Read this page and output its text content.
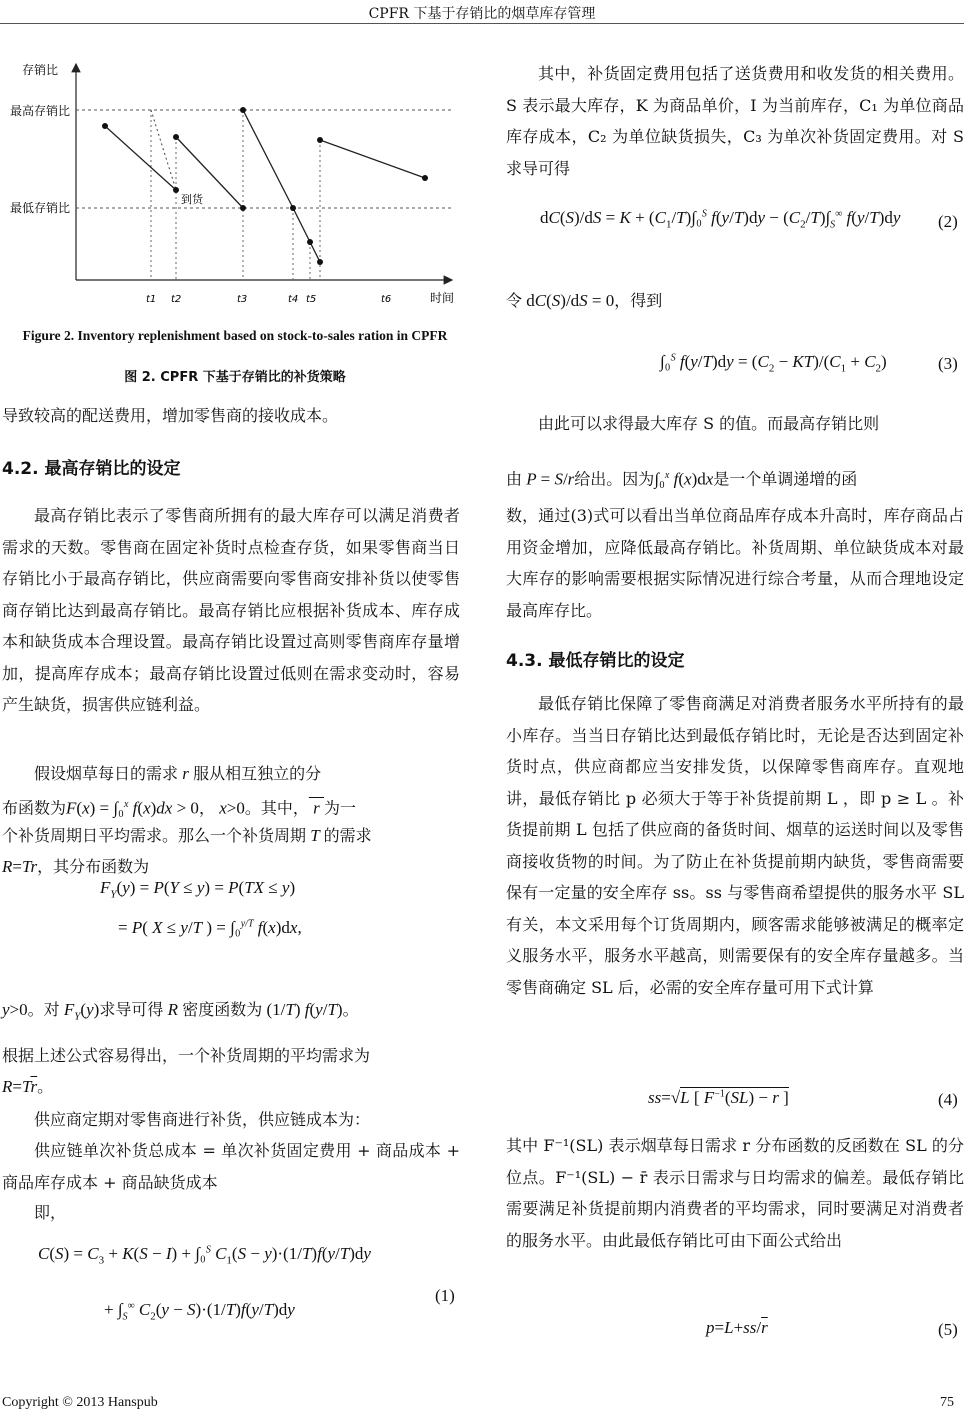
CPFR 下基于存销比的烟草库存管理
存销比
最高存销比
最低存销比
到货
时间
t1 t2	t3	t4 t5	t6
Figure 2. Inventory replenishment based on stock-to-sales ration in CPFR
图 2. CPFR 下基于存销比的补货策略
导致较高的配送费用，增加零售商的接收成本。
4.2. 最高存销比的设定
最高存销比表示了零售商所拥有的最大库存可以满足消费者需求的天数。零售商在固定补货时点检查存货，如果零售商当日存销比小于最高存销比，供应商需要向零售商安排补货以使零售商存销比达到最高存销比。最高存销比应根据补货成本、库存成本和缺货成本合理设置。最高存销比设置过高则零售商库存量增加，提高库存成本；最高存销比设置过低则在需求变动时，容易产生缺货，损害供应链利益。
假设烟草每日的需求 r 服从相互独立的分
布函数为F(x) = ∫₀$^x$ f(x)dx > 0， x>0。其中， r 为一
个补货周期日平均需求。那么一个补货周期 T 的需求
R=Tr，其分布函数为
$F_Y(y) = P(Y \le y) = P(TX \le y)$
= P( X ≤ y/T ) = ∫₀$^{y/T}$ f(x)dx,
y>0。对 $F_Y(y)$求导可得 R 密度函数为 (1/T) f(y/T)。
根据上述公式容易得出，一个补货周期的平均需求为
$R=T\overline{r}$。
供应商定期对零售商进行补货，供应链成本为：
供应链单次补货总成本 = 单次补货固定费用 + 商品成本 + 商品库存成本 + 商品缺货成本
即，
$C(S) = C_3 + K(S - I) + \int_0^S$ $C_1(S - y)\cdot(1/T)f(y/T)dy$
+ $\int_S^\infty$ $C_2(y - S)\cdot(1/T)f(y/T)dy$
(1)
其中，补货固定费用包括了送货费用和收发货的相关费用。S 表示最大库存，K 为商品单价，I 为当前库存，C₁ 为单位商品库存成本，C₂ 为单位缺货损失，C₃ 为单次补货固定费用。对 S 求导可得
$dC(S)/dS = K + (C_1/T)\int_0^S$ $f(y/T)dy - (C_2/T)\int_S^\infty$ f(y/T)dy (2)
令 dC(S)/dS = 0，得到
∫₀$^S$ $f(y/T)dy = (C_2 - KT)/(C_1 + C_2)$	(3)
由此可以求得最大库存 S 的值。而最高存销比则
由 P = S/r给出。因为∫₀$^x$ f(x)dx是一个单调递增的函
数，通过(3)式可以看出当单位商品库存成本升高时，库存商品占用资金增加，应降低最高存销比。补货周期、单位缺货成本对最大库存的影响需要根据实际情况进行综合考量，从而合理地设定最高库存比。
4.3. 最低存销比的设定
最低存销比保障了零售商满足对消费者服务水平所持有的最小库存。当当日存销比达到最低存销比时，无论是否达到固定补货时点，供应商都应当安排发货，以保障零售商库存。直观地讲，最低存销比 p 必须大于等于补货提前期 L ，即 p ≥ L 。补货提前期 L 包括了供应商的备货时间、烟草的运送时间以及零售商接收货物的时间。为了防止在补货提前期内缺货，零售商需要保有一定量的安全库存 ss。ss 与零售商希望提供的服务水平 SL 有关，本文采用每个订货周期内，顾客需求能够被满足的概率定义服务水平，服务水平越高，则需要保有的安全库存量越多。当零售商确定 SL 后，必需的安全库存量可用下式计算
ss=√L [ $F^{-1}(SL) - \overline{r}$ ]	(4)
其中 F⁻¹(SL) 表示烟草每日需求 r 分布函数的反函数在 SL 的分位点。F⁻¹(SL) − r̄ 表示日需求与日均需求的偏差。最低存销比需要满足补货提前期内消费者的平均需求，同时要满足对消费者的服务水平。由此最低存销比可由下面公式给出
$p=L+ss/\overline{r}$	(5)
Copyright © 2013 Hanspub	75
